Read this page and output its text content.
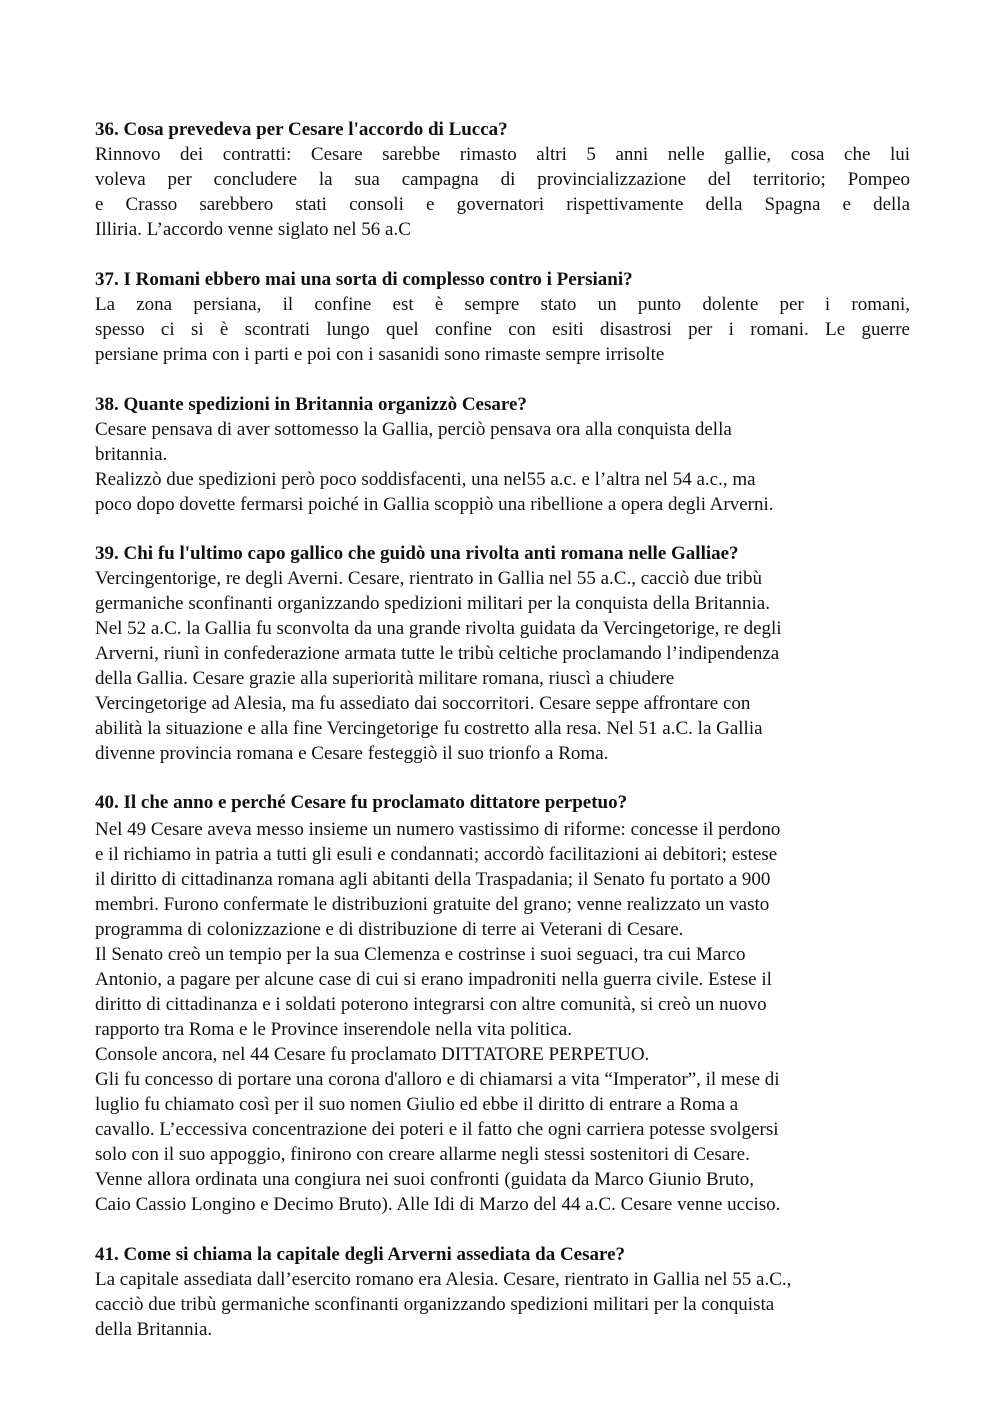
36. Cosa prevedeva per Cesare l'accordo di Lucca?

Rinnovo dei contratti: Cesare sarebbe rimasto altri 5 anni nelle gallie, cosa che lui
voleva per concludere la sua campagna di provincializzazione del territorio; Pompeo
e Crasso sarebbero stati consoli e governatori rispettivamente della Spagna e della
Illiria. L’accordo venne siglato nel 56 a.C

37. I Romani ebbero mai una sorta di complesso contro i Persiani?

La zona persiana, il confine est è sempre stato un punto dolente per i romani,
spesso ci si è scontrati lungo quel confine con esiti disastrosi per i romani. Le guerre
persiane prima con i parti e poi con i sasanidi sono rimaste sempre irrisolte

38. Quante spedizioni in Britannia organizzò Cesare?

Cesare pensava di aver sottomesso la Gallia, perciò pensava ora alla conquista della
britannia.
Realizzò due spedizioni però poco soddisfacenti, una nel55 a.c. e l’altra nel 54 a.c., ma
poco dopo dovette fermarsi poiché in Gallia scoppiò una ribellione a opera degli Arverni.

39. Chi fu l'ultimo capo gallico che guidò una rivolta anti romana nelle Galliae?

Vercingentorige, re degli Averni. Cesare, rientrato in Gallia nel 55 a.C., cacciò due tribù
germaniche sconfinanti organizzando spedizioni militari per la conquista della Britannia.
Nel 52 a.C. la Gallia fu sconvolta da una grande rivolta guidata da Vercingetorige, re degli
Arverni, riunì in confederazione armata tutte le tribù celtiche proclamando l’indipendenza
della Gallia. Cesare grazie alla superiorità militare romana, riuscì a chiudere
Vercingetorige ad Alesia, ma fu assediato dai soccorritori. Cesare seppe affrontare con
abilità la situazione e alla fine Vercingetorige fu costretto alla resa. Nel 51 a.C. la Gallia
divenne provincia romana e Cesare festeggiò il suo trionfo a Roma.

40. Il che anno e perché Cesare fu proclamato dittatore perpetuo?

Nel 49 Cesare aveva messo insieme un numero vastissimo di riforme: concesse il perdono
e il richiamo in patria a tutti gli esuli e condannati; accordò facilitazioni ai debitori; estese
il diritto di cittadinanza romana agli abitanti della Traspadania; il Senato fu portato a 900
membri. Furono confermate le distribuzioni gratuite del grano; venne realizzato un vasto
programma di colonizzazione e di distribuzione di terre ai Veterani di Cesare.
Il Senato creò un tempio per la sua Clemenza e costrinse i suoi seguaci, tra cui Marco
Antonio, a pagare per alcune case di cui si erano impadroniti nella guerra civile. Estese il
diritto di cittadinanza e i soldati poterono integrarsi con altre comunità, si creò un nuovo
rapporto tra Roma e le Province inserendole nella vita politica.
Console ancora, nel 44 Cesare fu proclamato DITTATORE PERPETUO.
Gli fu concesso di portare una corona d'alloro e di chiamarsi a vita “Imperator”, il mese di
luglio fu chiamato così per il suo nomen Giulio ed ebbe il diritto di entrare a Roma a
cavallo. L’eccessiva concentrazione dei poteri e il fatto che ogni carriera potesse svolgersi
solo con il suo appoggio, finirono con creare allarme negli stessi sostenitori di Cesare.
Venne allora ordinata una congiura nei suoi confronti (guidata da Marco Giunio Bruto,
Caio Cassio Longino e Decimo Bruto). Alle Idi di Marzo del 44 a.C. Cesare venne ucciso.

41. Come si chiama la capitale degli Arverni assediata da Cesare?

La capitale assediata dall’esercito romano era Alesia. Cesare, rientrato in Gallia nel 55 a.C.,
cacciò due tribù germaniche sconfinanti organizzando spedizioni militari per la conquista
della Britannia.
